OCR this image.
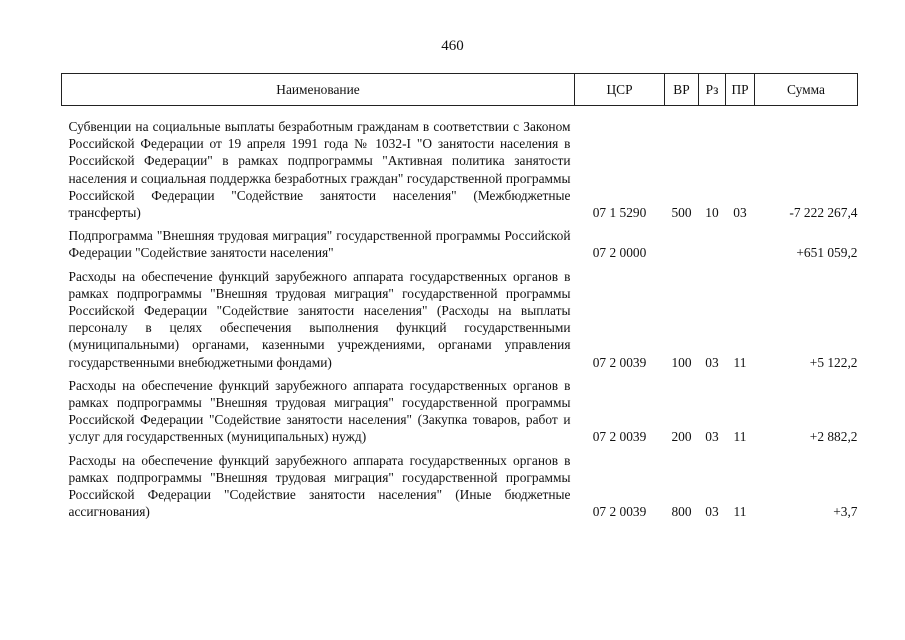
460
Наименование	ЦСР	ВР	Рз	ПР	Сумма

Субвенции на социальные выплаты безработным гражданам в соответствии с Законом Российской Федерации от 19 апреля 1991 года № 1032-I "О занятости населения в Российской Федерации" в рамках подпрограммы "Активная политика занятости населения и социальная поддержка безработных граждан" государственной программы Российской Федерации "Содействие занятости населения" (Межбюджетные трансферты)	07 1 5290	500	10	03	-7 222 267,4
Подпрограмма "Внешняя трудовая миграция" государственной программы Российской Федерации "Содействие занятости населения"	07 2 0000				+651 059,2
Расходы на обеспечение функций зарубежного аппарата государственных органов в рамках подпрограммы "Внешняя трудовая миграция" государственной программы Российской Федерации "Содействие занятости населения" (Расходы на выплаты персоналу в целях обеспечения выполнения функций государственными (муниципальными) органами, казенными учреждениями, органами управления государственными внебюджетными фондами)	07 2 0039	100	03	11	+5 122,2
Расходы на обеспечение функций зарубежного аппарата государственных органов в рамках подпрограммы "Внешняя трудовая миграция" государственной программы Российской Федерации "Содействие занятости населения" (Закупка товаров, работ и услуг для государственных (муниципальных) нужд)	07 2 0039	200	03	11	+2 882,2
Расходы на обеспечение функций зарубежного аппарата государственных органов в рамках подпрограммы "Внешняя трудовая миграция" государственной программы Российской Федерации "Содействие занятости населения" (Иные бюджетные ассигнования)	07 2 0039	800	03	11	+3,7
